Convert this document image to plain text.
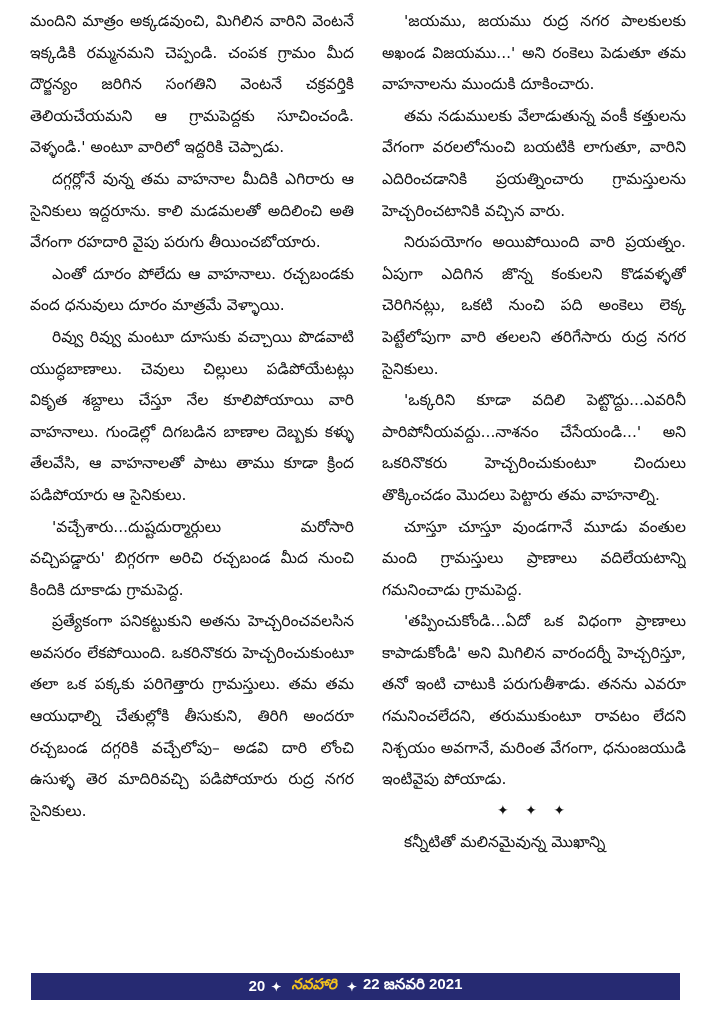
మందిని మాత్రం అక్కడవుంచి, మిగిలిన వారిని వెంటనే ఇక్కడికి రమ్మనమని చెప్పండి. చంపక గ్రామం మీద దౌర్జన్యం జరిగిన సంగతిని వెంటనే చక్రవర్తికి తెలియచేయమని ఆ గ్రామపెద్దకు సూచించండి. వెళ్ళండి.' అంటూ వారిలో ఇద్దరికి చెప్పాడు.

దగ్గర్లోనే వున్న తమ వాహనాల మీదికి ఎగిరారు ఆ సైనికులు ఇద్దరూను. కాలి మడమలతో అదిలించి అతి వేగంగా రహదారి వైపు పరుగు తీయించబోయారు.

ఎంతో దూరం పోలేదు ఆ వాహనాలు. రచ్చబండకు వంద ధనువులు దూరం మాత్రమే వెళ్ళాయి.

రివ్వు రివ్వు మంటూ దూసుకు వచ్చాయి పొడవాటి యుద్ధబాణాలు. చెవులు చిల్లులు పడిపోయేటట్లు వికృత శబ్దాలు చేస్తూ నేల కూలిపోయాయి వారి వాహనాలు. గుండెల్లో దిగబడిన బాణాల దెబ్బకు కళ్ళు తేలవేసి, ఆ వాహనాలతో పాటు తాము కూడా క్రింద పడిపోయారు ఆ సైనికులు.

'వచ్చేశారు...దుష్టదుర్మార్గులు మరోసారి వచ్చిపడ్డారు' బిగ్గరగా అరిచి రచ్చబండ మీద నుంచి కిందికి దూకాడు గ్రామపెద్ద.

ప్రత్యేకంగా పనికట్టుకుని అతను హెచ్చరించవలసిన అవసరం లేకపోయింది. ఒకరినొకరు హెచ్చరించుకుంటూ తలా ఒక పక్కకు పరిగెత్తారు గ్రామస్తులు. తమ తమ ఆయుధాల్ని చేతుల్లోకి తీసుకుని, తిరిగి అందరూ రచ్చబండ దగ్గరికి వచ్చేలోపు– అడవి దారి లోంచి ఉసుళ్ళ తెర మాదిరివచ్చి పడిపోయారు రుద్ర నగర సైనికులు.

'జయము, జయము రుద్ర నగర పాలకులకు అఖండ విజయము...' అని రంకెలు పెడుతూ తమ వాహనాలను ముందుకి దూకించారు.

తమ నడుములకు వేలాడుతున్న వంకీ కత్తులను వేగంగా వరలలోనుంచి బయటికి లాగుతూ, వారిని ఎదిరించడానికి ప్రయత్నించారు గ్రామస్తులను హెచ్చరించటానికి వచ్చిన వారు.

నిరుపయోగం అయిపోయింది వారి ప్రయత్నం. ఏపుగా ఎదిగిన జొన్న కంకులని కొడవళ్ళతో చెరిగినట్లు, ఒకటి నుంచి పది అంకెలు లెక్క పెట్టేలోపుగా వారి తలలని తరిగేసారు రుద్ర నగర సైనికులు.

'ఒక్కరిని కూడా వదిలి పెట్టొద్దు...ఎవరినీ పారిపోనీయవద్దు...నాశనం చేసేయండి...' అని ఒకరినొకరు హెచ్చరించుకుంటూ చిందులు తొక్కించడం మొదలు పెట్టారు తమ వాహనాల్ని.

చూస్తూ చూస్తూ వుండగానే మూడు వంతుల మంది గ్రామస్తులు ప్రాణాలు వదిలేయటాన్ని గమనించాడు గ్రామపెద్ద.

'తప్పించుకోండి...ఏదో ఒక విధంగా ప్రాణాలు కాపాడుకోండి' అని మిగిలిన వారందర్నీ హెచ్చరిస్తూ, తనో ఇంటి చాటుకి పరుగుతీశాడు. తనను ఎవరూ గమనించలేదని, తరుముకుంటూ రావటం లేదని నిశ్చయం అవగానే, మరింత వేగంగా, ధనుంజయుడి ఇంటివైపు పోయాడు.

✦ ✦ ✦

కన్నీటితో మలినమైవున్న మొఖాన్ని

20 ✦ నవహారి ✦ 22 జనవరి 2021
